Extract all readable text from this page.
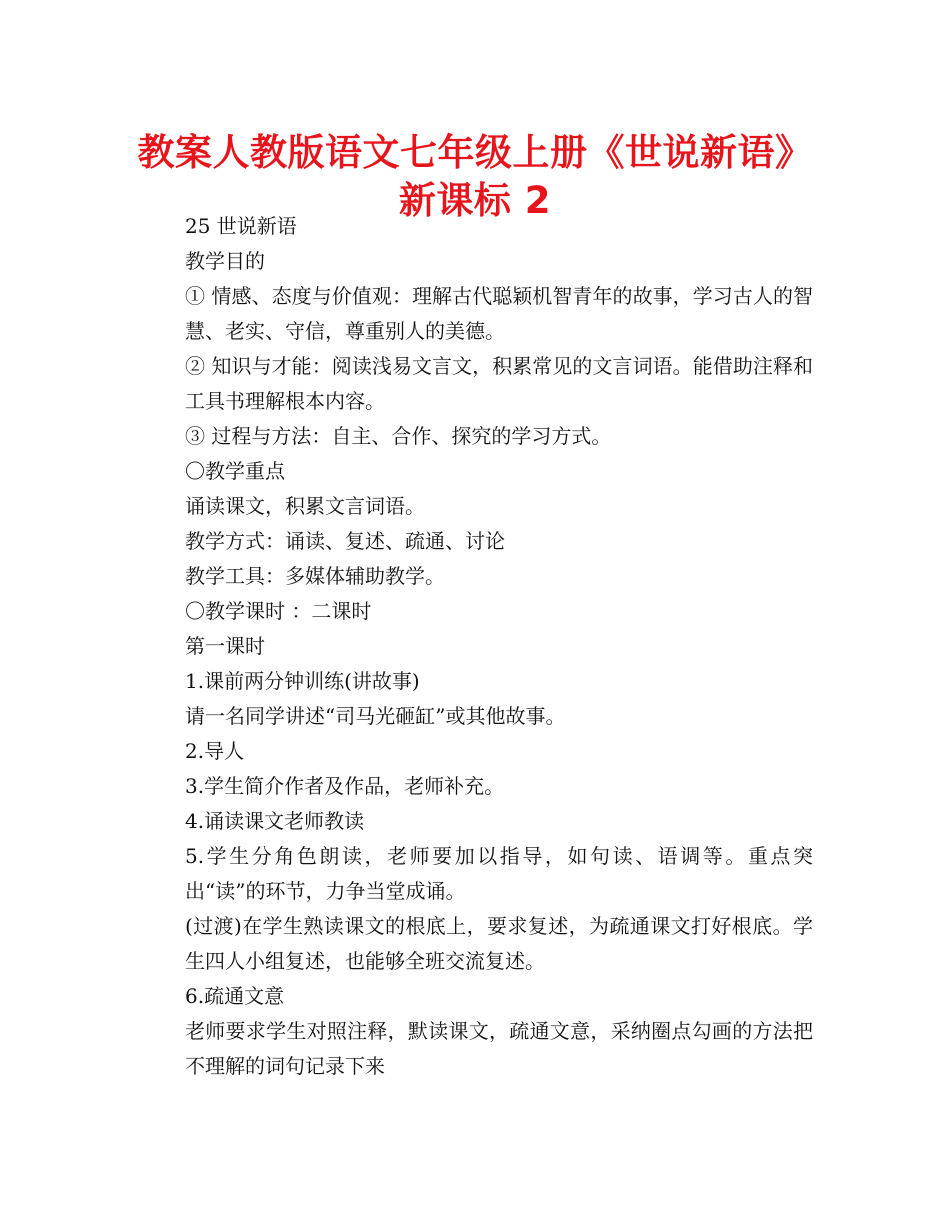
教案人教版语文七年级上册《世说新语》
新课标 2

25 世说新语

教学目的

① 情感、态度与价值观：理解古代聪颖机智青年的故事，学习古人的智慧、老实、守信，尊重别人的美德。

② 知识与才能：阅读浅易文言文，积累常见的文言词语。能借助注释和工具书理解根本内容。

③ 过程与方法：自主、合作、探究的学习方式。

〇教学重点

诵读课文，积累文言词语。

教学方式：诵读、复述、疏通、讨论

教学工具：多媒体辅助教学。

〇教学课时 ：二课时

第一课时

1.课前两分钟训练(讲故事)

请一名同学讲述“司马光砸缸”或其他故事。

2.导人

3.学生简介作者及作品，老师补充。

4.诵读课文老师教读

5.学生分角色朗读，老师要加以指导，如句读、语调等。重点突出“读”的环节，力争当堂成诵。

(过渡)在学生熟读课文的根底上，要求复述，为疏通课文打好根底。学生四人小组复述，也能够全班交流复述。

6.疏通文意

老师要求学生对照注释，默读课文，疏通文意，采纳圈点勾画的方法把不理解的词句记录下来
